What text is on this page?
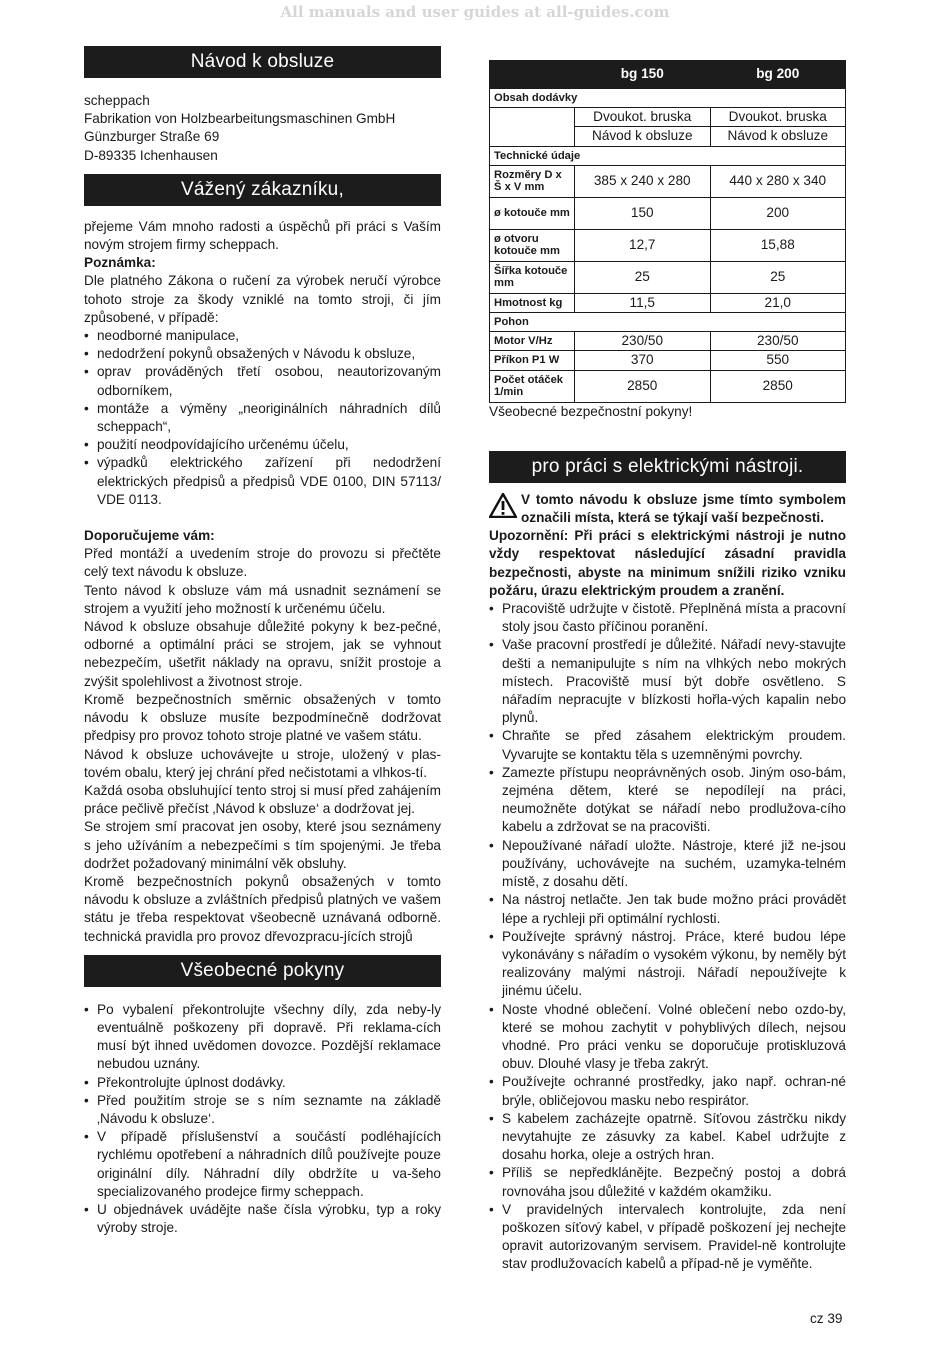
All manuals and user guides at all-guides.com
Návod k obsluze
scheppach
Fabrikation von Holzbearbeitungsmaschinen GmbH
Günzburger Straße 69
D-89335 Ichenhausen
Vážený zákazníku,

přejeme Vám mnoho radosti a úspěchů při práci s Vaším novým strojem firmy scheppach.

Poznámka:

Dle platného Zákona o ručení za výrobek neručí výrobce tohoto stroje za škody vzniklé na tomto stroji, či jím způsobené, v případě:

• neodborné manipulace,
• nedodržení pokynů obsažených v Návodu k obsluze,
• oprav prováděných třetí osobou, neautorizovaným odborníkem,
• montáže a výměny „neoriginálních náhradních dílů scheppach“,
• použití neodpovídajícího určenému účelu,
• výpadků elektrického zařízení při nedodržení elektrických předpisů a předpisů VDE 0100, DIN 57113/ VDE 0113.
Doporučujeme vám:

Před montáží a uvedením stroje do provozu si přečtěte celý text návodu k obsluze.

Tento návod k obsluze vám má usnadnit seznámení se strojem a využití jeho možností k určenému účelu.

Návod k obsluze obsahuje důležité pokyny k bez-pečné, odborné a optimální práci se strojem, jak se vyhnout nebezpečím, ušetřit náklady na opravu, snížit prostoje a zvýšit spolehlivost a životnost stroje.

Kromě bezpečnostních směrnic obsažených v tomto návodu k obsluze musíte bezpodmínečně dodržovat předpisy pro provoz tohoto stroje platné ve vašem státu.

Návod k obsluze uchovávejte u stroje, uložený v plas-tovém obalu, který jej chrání před nečistotami a vlhkos-tí.

Každá osoba obsluhující tento stroj si musí před zahájením práce pečlivě přečíst ‚Návod k obsluze‘ a dodržovat jej.

Se strojem smí pracovat jen osoby, které jsou seznámeny s jeho užíváním a nebezpečími s tím spojenými. Je třeba dodržet požadovaný minimální věk obsluhy.

Kromě bezpečnostních pokynů obsažených v tomto návodu k obsluze a zvláštních předpisů platných ve vašem státu je třeba respektovat všeobecně uznávaná odborně. technická pravidla pro provoz dřevozpracu-jících strojů

Všeobecné pokyny
• Po vybalení překontrolujte všechny díly, zda neby-ly eventuálně poškozeny při dopravě. Při reklama-cích musí být ihned uvědomen dovozce. Pozdější reklamace nebudou uznány.
• Překontrolujte úplnost dodávky.
• Před použitím stroje se s ním seznamte na základě ‚Návodu k obsluze‘.
• V případě příslušenství a součástí podléhajících rychlému opotřebení a náhradních dílů používejte pouze originální díly. Náhradní díly obdržíte u va-šeho specializovaného prodejce firmy scheppach.
• U objednávek uvádějte naše čísla výrobku, typ a roky výroby stroje.
	bg 150	bg 200
Obsah dodávky		
	Dvoukot. bruska	Dvoukot. bruska
	Návod k obsluze	Návod k obsluze
Technické údaje		
Rozměry D x Š x V mm	385 x 240 x 280	440 x 280 x 340
ø kotouče mm	150	200
ø otvoru kotouče mm	12,7	15,88
Šířka kotouče mm	25	25
Hmotnost kg	11,5	21,0
Pohon		
Motor V/Hz	230/50	230/50
Příkon P1 W	370	550
Počet otáček 1/min	2850	2850
Všeobecné bezpečnostní pokyny!
pro práci s elektrickými nástroji.
V tomto návodu k obsluze jsme tímto symbolem označili místa, která se týkají vaší bezpečnosti.

Upozornění: Při práci s elektrickými nástroji je nutno vždy respektovat následující zásadní pravidla bezpečnosti, abyste na minimum snížili riziko vzniku požáru, úrazu elektrickým proudem a zranění.

• Pracoviště udržujte v čistotě. Přeplněná místa a pracovní stoly jsou často příčinou poranění.
• Vaše pracovní prostředí je důležité. Nářadí nevy-stavujte dešti a nemanipulujte s ním na vlhkých nebo mokrých místech. Pracoviště musí být dobře osvětleno. S nářadím nepracujte v blízkosti hořla-vých kapalin nebo plynů.
• Chraňte se před zásahem elektrickým proudem. Vyvarujte se kontaktu těla s uzemněnými povrchy.
• Zamezte přístupu neoprávněných osob. Jiným oso-bám, zejména dětem, které se nepodílejí na práci, neumožněte dotýkat se nářadí nebo prodlužova-cího kabelu a zdržovat se na pracovišti.
• Nepoužívané nářadí uložte. Nástroje, které již ne-jsou používány, uchovávejte na suchém, uzamyka-telném místě, z dosahu dětí.
• Na nástroj netlačte. Jen tak bude možno práci provádět lépe a rychleji při optimální rychlosti.
• Používejte správný nástroj. Práce, které budou lépe vykonávány s nářadím o vysokém výkonu, by neměly být realizovány malými nástroji. Nářadí nepoužívejte k jinému účelu.
• Noste vhodné oblečení. Volné oblečení nebo ozdo-by, které se mohou zachytit v pohyblivých dílech, nejsou vhodné. Pro práci venku se doporučuje protiskluzová obuv. Dlouhé vlasy je třeba zakrýt.
• Používejte ochranné prostředky, jako např. ochran-né brýle, obličejovou masku nebo respirátor.
• S kabelem zacházejte opatrně. Síťovou zástrčku nikdy nevytahujte ze zásuvky za kabel. Kabel udržujte z dosahu horka, oleje a ostrých hran.
• Příliš se nepředklánějte. Bezpečný postoj a dobrá rovnováha jsou důležité v každém okamžiku.
• V pravidelných intervalech kontrolujte, zda není poškozen síťový kabel, v případě poškození jej nechejte opravit autorizovaným servisem. Pravidel-ně kontrolujte stav prodlužovacích kabelů a případ-ně je vyměňte.
cz 39
